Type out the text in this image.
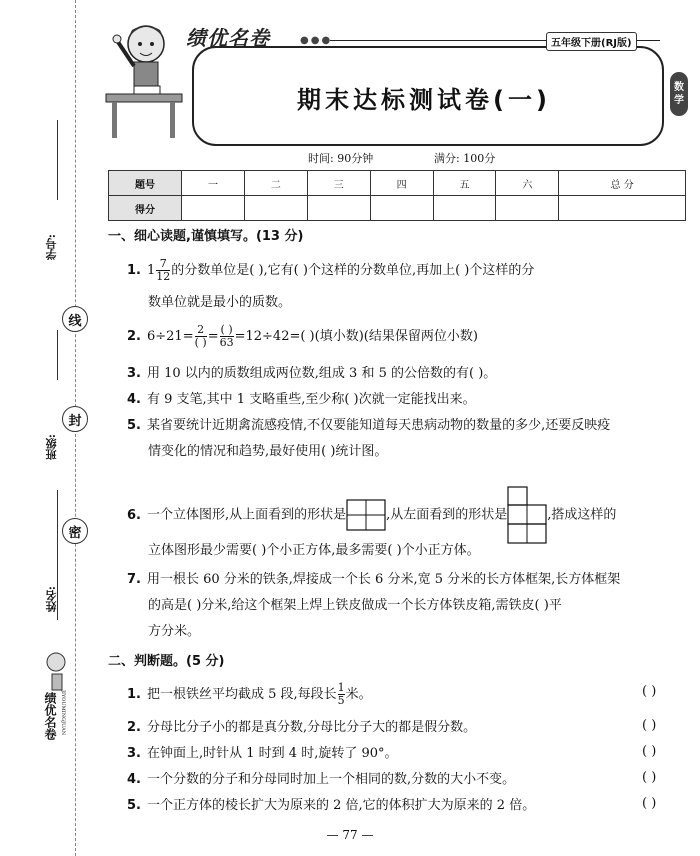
学号:
线
封
班级:
密
姓名:
绩优名卷 JIYOUMINGJUAN
绩优名卷	●●●	五年级下册(RJ版)
期末达标测试卷(一)	数
学
时间: 90分钟	满分: 100分
题号	一	二	三	四	五	六	总 分
得分							
一、细心读题,谨慎填写。(13 分)
1. $1 \frac{7}{12}$ 的分数单位是( ),它有( )个这样的分数单位,再加上( )个这样的分
数单位就是最小的质数。
2. $6\div 21= \frac{2}{( )} = \frac{( )}{63} =12\div 42=$( )(填小数)(结果保留两位小数)
3. 用 10 以内的质数组成两位数,组成 3 和 5 的公倍数的有( )。
4. 有 9 支笔,其中 1 支略重些,至少称( )次就一定能找出来。
5. 某省要统计近期禽流感疫情,不仅要能知道每天患病动物的数量的多少,还要反映疫
情变化的情况和趋势,最好使用( )统计图。
6. 一个立体图形,从上面看到的形状是	,从左面看到的形状是	,搭成这样的
立体图形最少需要( )个小正方体,最多需要( )个小正方体。
7. 用一根长 60 分米的铁条,焊接成一个长 6 分米,宽 5 分米的长方体框架,长方体框架
的高是( )分米,给这个框架上焊上铁皮做成一个长方体铁皮箱,需铁皮( )平
方分米。
二、判断题。(5 分)
1. 把一根铁丝平均截成 5 段,每段长 $\frac{1}{5}$ 米。	( )
2. 分母比分子小的都是真分数,分母比分子大的都是假分数。	( )
3. 在钟面上,时针从 1 时到 4 时,旋转了 90°。	( )
4. 一个分数的分子和分母同时加上一个相同的数,分数的大小不变。	( )
5. 一个正方体的棱长扩大为原来的 2 倍,它的体积扩大为原来的 2 倍。	( )
— 77 —
